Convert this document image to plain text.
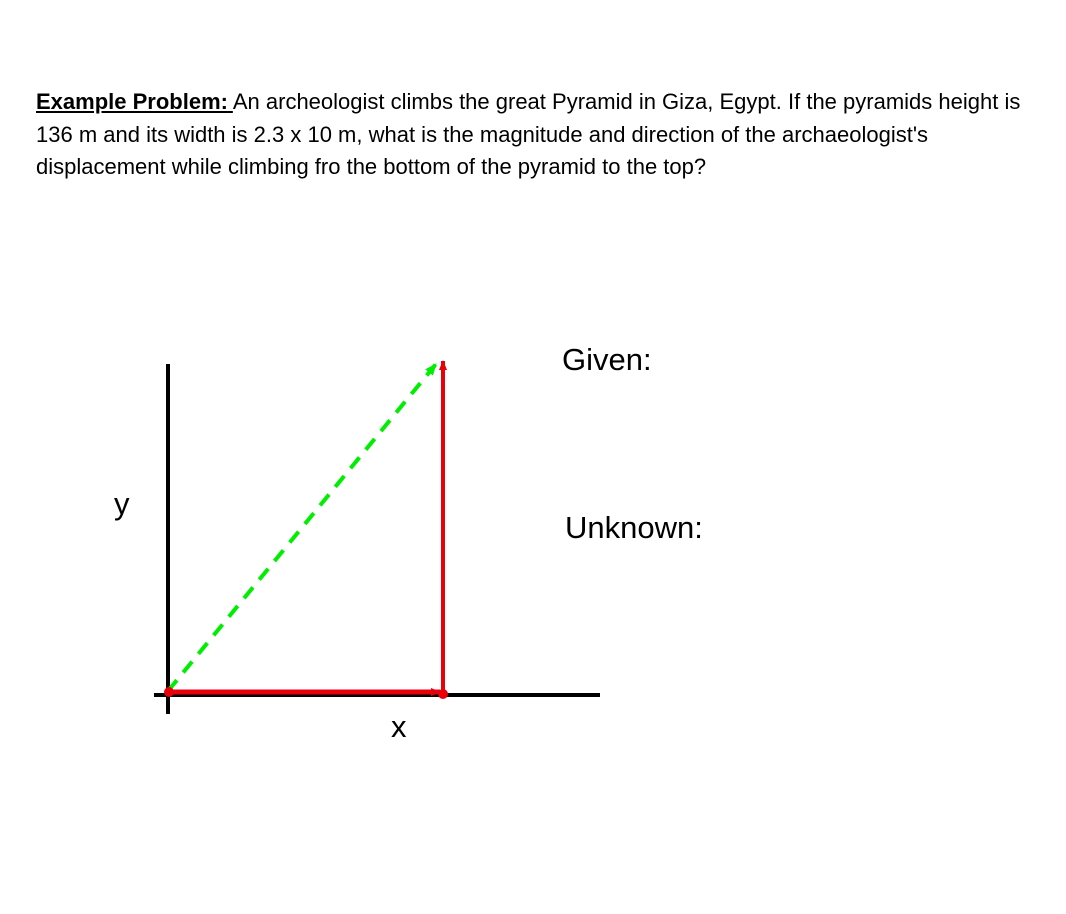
Example Problem: An archeologist climbs the great Pyramid in Giza, Egypt. If the pyramids height is 136 m and its width is 2.3 x 10 m, what is the magnitude and direction of the archaeologist's displacement while climbing fro the bottom of the pyramid to the top?

Given:
Unknown:
y
x
